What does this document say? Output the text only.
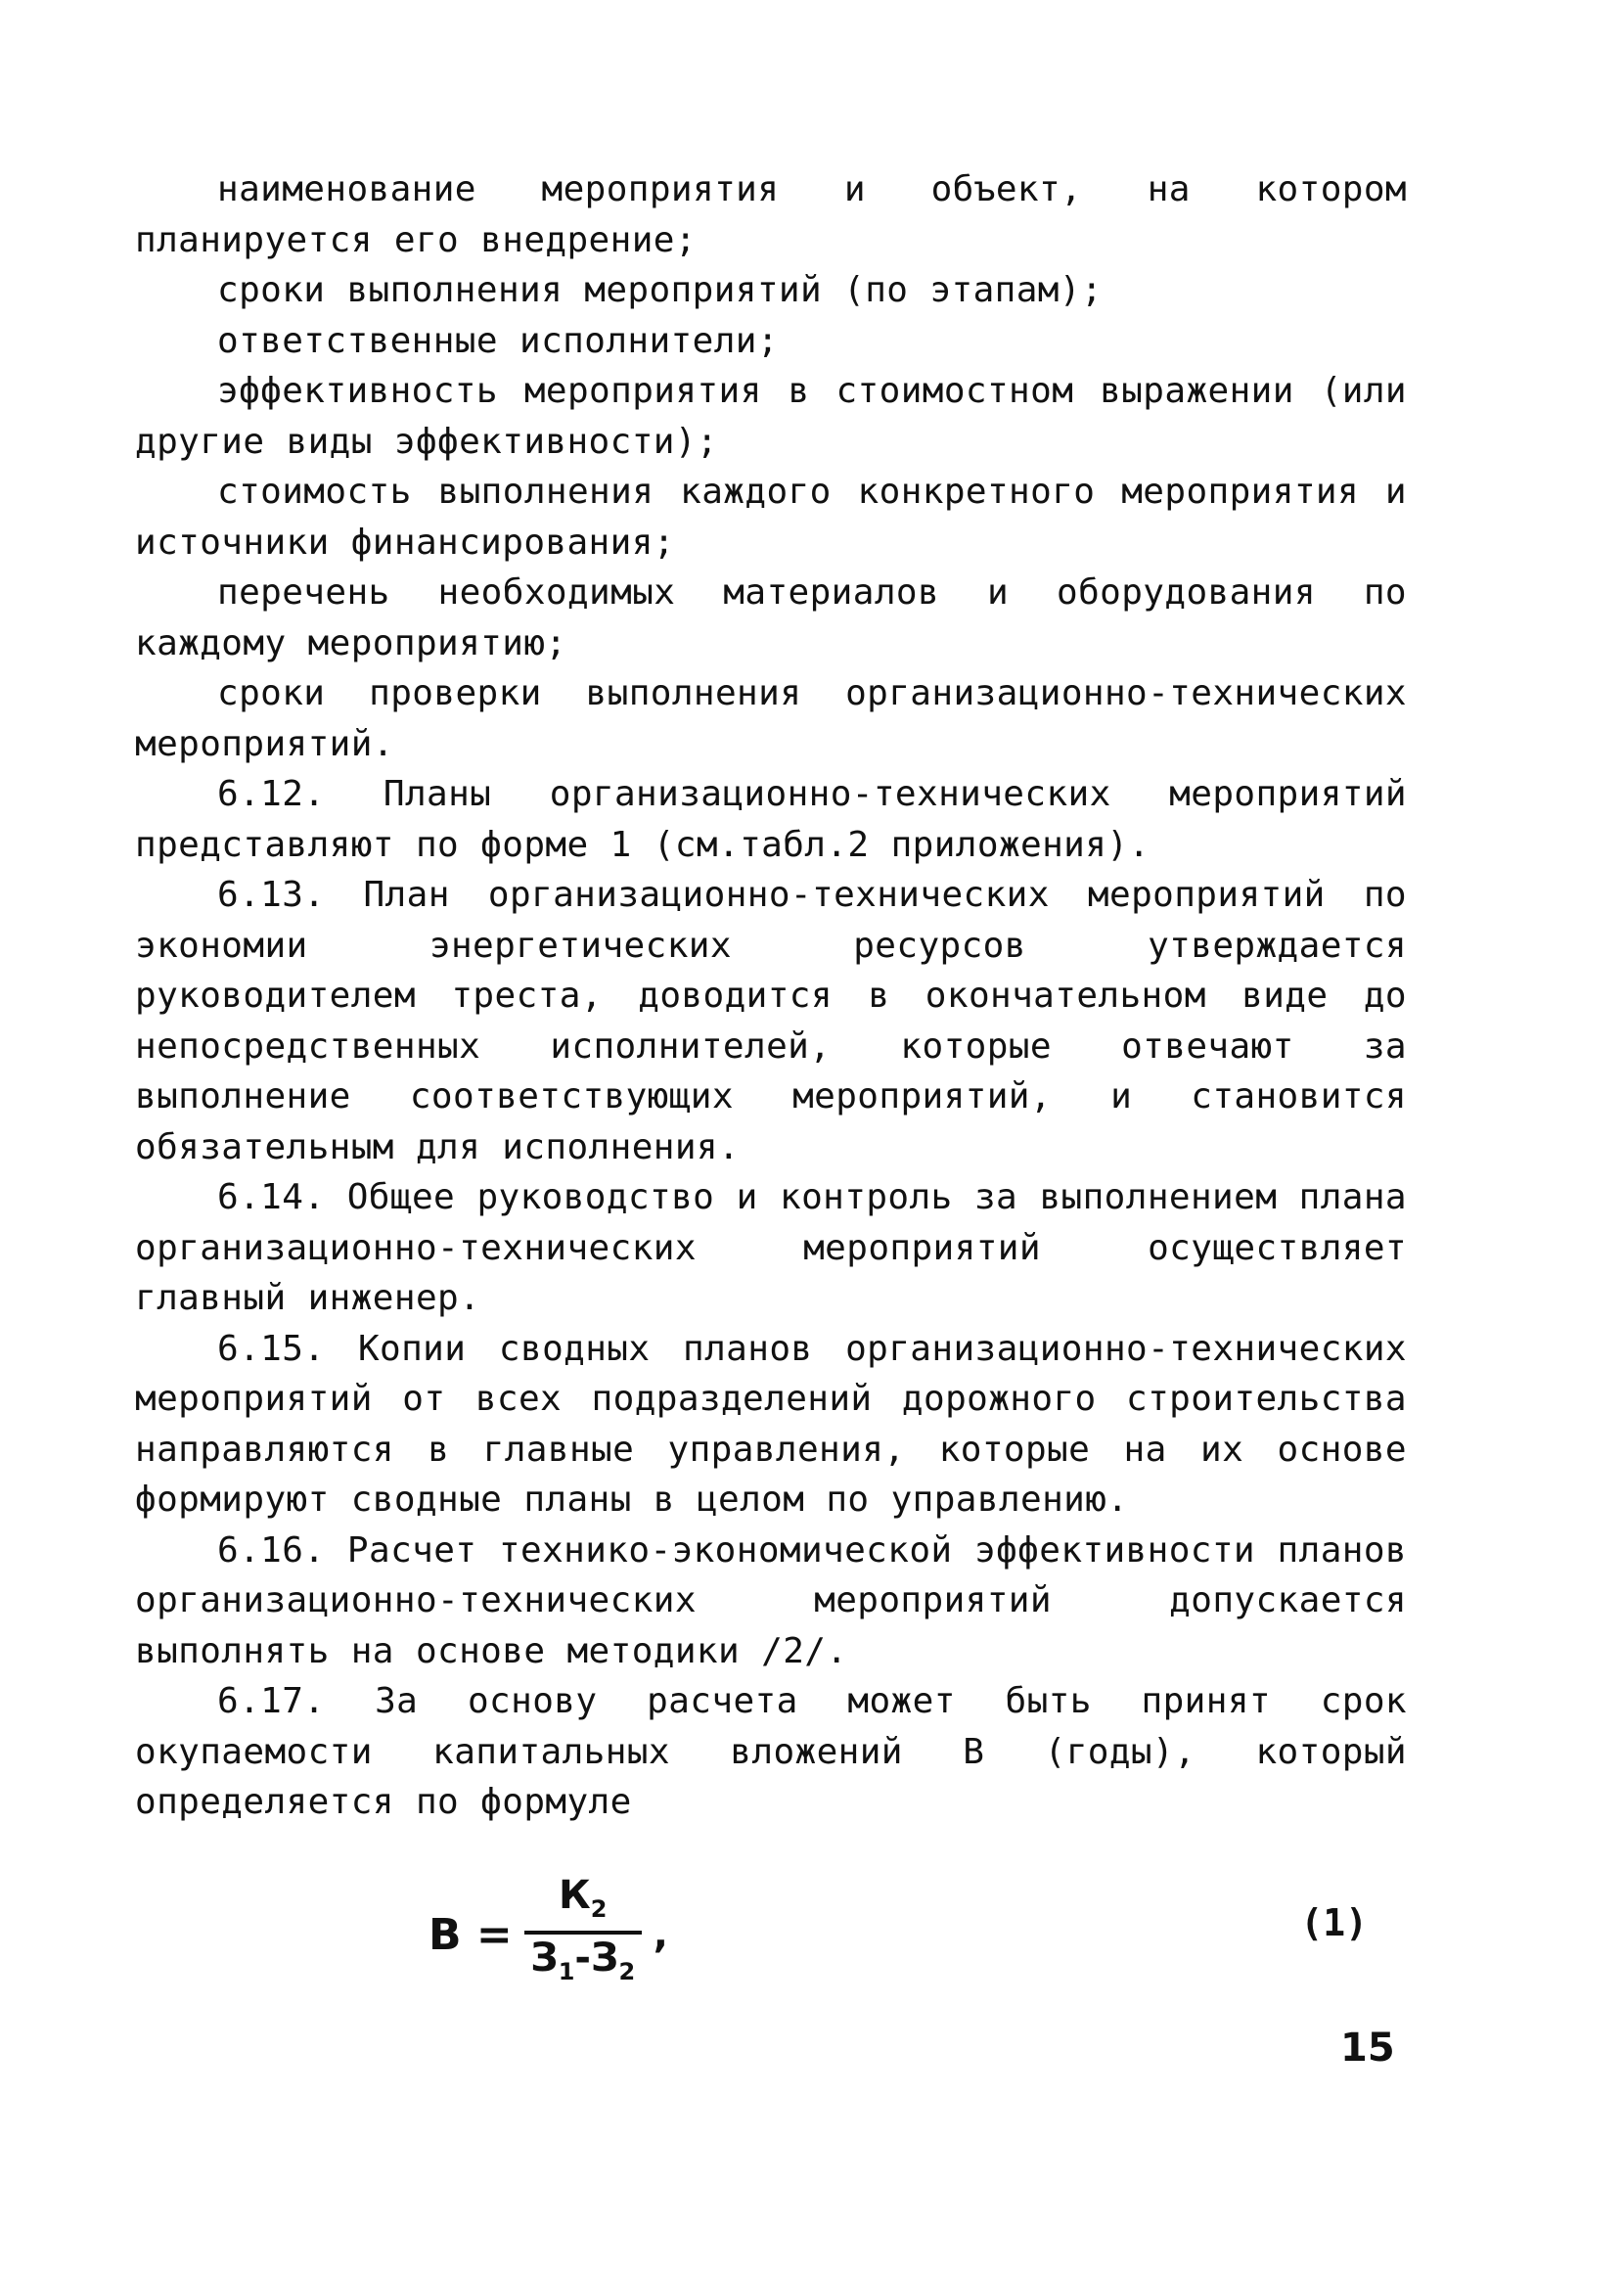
наименование мероприятия и объект, на котором планируется его внедрение;

сроки выполнения мероприятий (по этапам);

ответственные исполнители;

эффективность мероприятия в стоимостном выражении (или другие виды эффективности);

стоимость выполнения каждого конкретного мероприятия и источники финансирования;

перечень необходимых материалов и оборудования по каждому мероприятию;

сроки проверки выполнения организационно-технических мероприятий.

6.12. Планы организационно-технических мероприятий представляют по форме 1 (см.табл.2 приложения).

6.13. План организационно-технических мероприятий по экономии энергетических ресурсов утверждается руководителем треста, доводится в окончательном виде до непосредственных исполнителей, которые отвечают за выполнение соответствующих мероприятий, и становится обязательным для исполнения.

6.14. Общее руководство и контроль за выполнением плана организационно-технических мероприятий осуществляет главный инженер.

6.15. Копии сводных планов организационно-технических мероприятий от всех подразделений дорожного строительства направляются в главные управления, которые на их основе формируют сводные планы в целом по управлению.

6.16. Расчет технико-экономической эффективности планов организационно-технических мероприятий допускается выполнять на основе методики /2/.

6.17. За основу расчета может быть принят срок окупаемости капитальных вложений В (годы), который определяется по формуле

$В = \frac{К_2}{З_1-З_2}$ ,	(1)
15
